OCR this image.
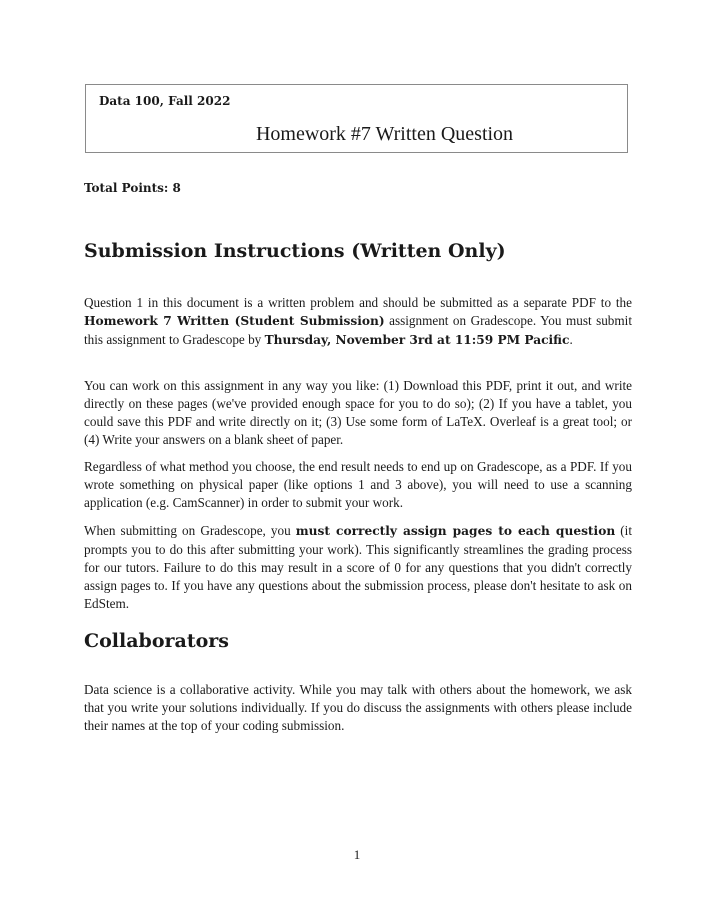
Data 100, Fall 2022
Homework #7 Written Question
Total Points: 8
Submission Instructions (Written Only)

Question 1 in this document is a written problem and should be submitted as a separate PDF to the Homework 7 Written (Student Submission) assignment on Gradescope. You must submit this assignment to Gradescope by Thursday, November 3rd at 11:59 PM Pacific.

You can work on this assignment in any way you like: (1) Download this PDF, print it out, and write directly on these pages (we've provided enough space for you to do so); (2) If you have a tablet, you could save this PDF and write directly on it; (3) Use some form of LaTeX. Overleaf is a great tool; or (4) Write your answers on a blank sheet of paper.

Regardless of what method you choose, the end result needs to end up on Gradescope, as a PDF. If you wrote something on physical paper (like options 1 and 3 above), you will need to use a scanning application (e.g. CamScanner) in order to submit your work.

When submitting on Gradescope, you must correctly assign pages to each question (it prompts you to do this after submitting your work). This significantly streamlines the grading process for our tutors. Failure to do this may result in a score of 0 for any questions that you didn't correctly assign pages to. If you have any questions about the submission process, please don't hesitate to ask on EdStem.

Collaborators

Data science is a collaborative activity. While you may talk with others about the homework, we ask that you write your solutions individually. If you do discuss the assignments with others please include their names at the top of your coding submission.

1
